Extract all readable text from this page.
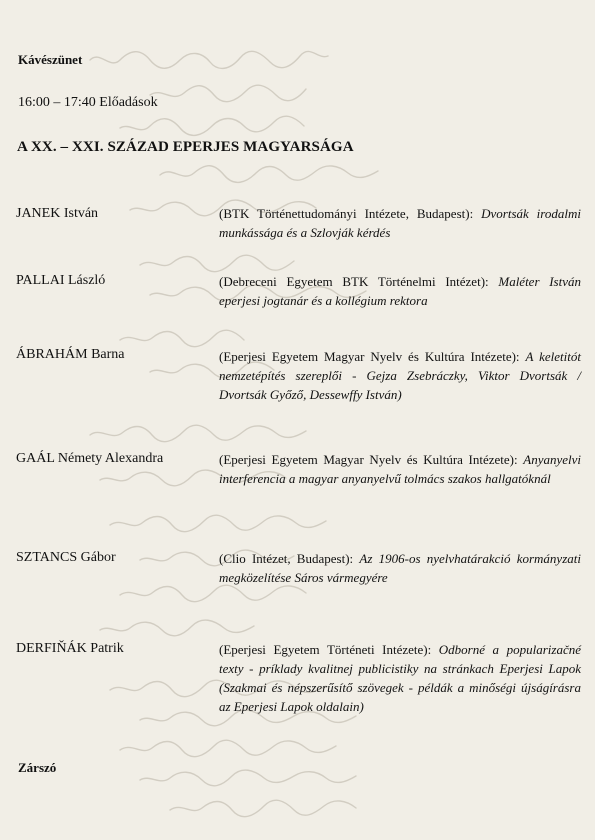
Kávészünet
16:00 – 17:40 Előadások
A XX. – XXI. SZÁZAD EPERJES MAGYARSÁGA
JANEK István	(BTK Történettudományi Intézete, Budapest): Dvortsák irodalmi munkássága és a Szlovják kérdés
PALLAI László	(Debreceni Egyetem BTK Történelmi Intézet): Maléter István eperjesi jogtanár és a kollégium rektora
ÁBRAHÁM Barna	(Eperjesi Egyetem Magyar Nyelv és Kultúra Intézete): A keletitót nemzetépítés szereplői - Gejza Zsebráczky, Viktor Dvortsák / Dvortsák Győző, Dessewffy István)
GAÁL Némety Alexandra	(Eperjesi Egyetem Magyar Nyelv és Kultúra Intézete): Anyanyelvi interferencia a magyar anyanyelvű tolmács szakos hallgatóknál
SZTANCS Gábor	(Clio Intézet, Budapest): Az 1906-os nyelvhatárakció kormányzati megközelítése Sáros vármegyére
DERFIŇÁK Patrik	(Eperjesi Egyetem Történeti Intézete): Odborné a popularizačné texty - príklady kvalitnej publicistiky na stránkach Eperjesi Lapok (Szakmai és népszerűsítő szövegek - példák a minőségi újságírásra az Eperjesi Lapok oldalain)
Zárszó
